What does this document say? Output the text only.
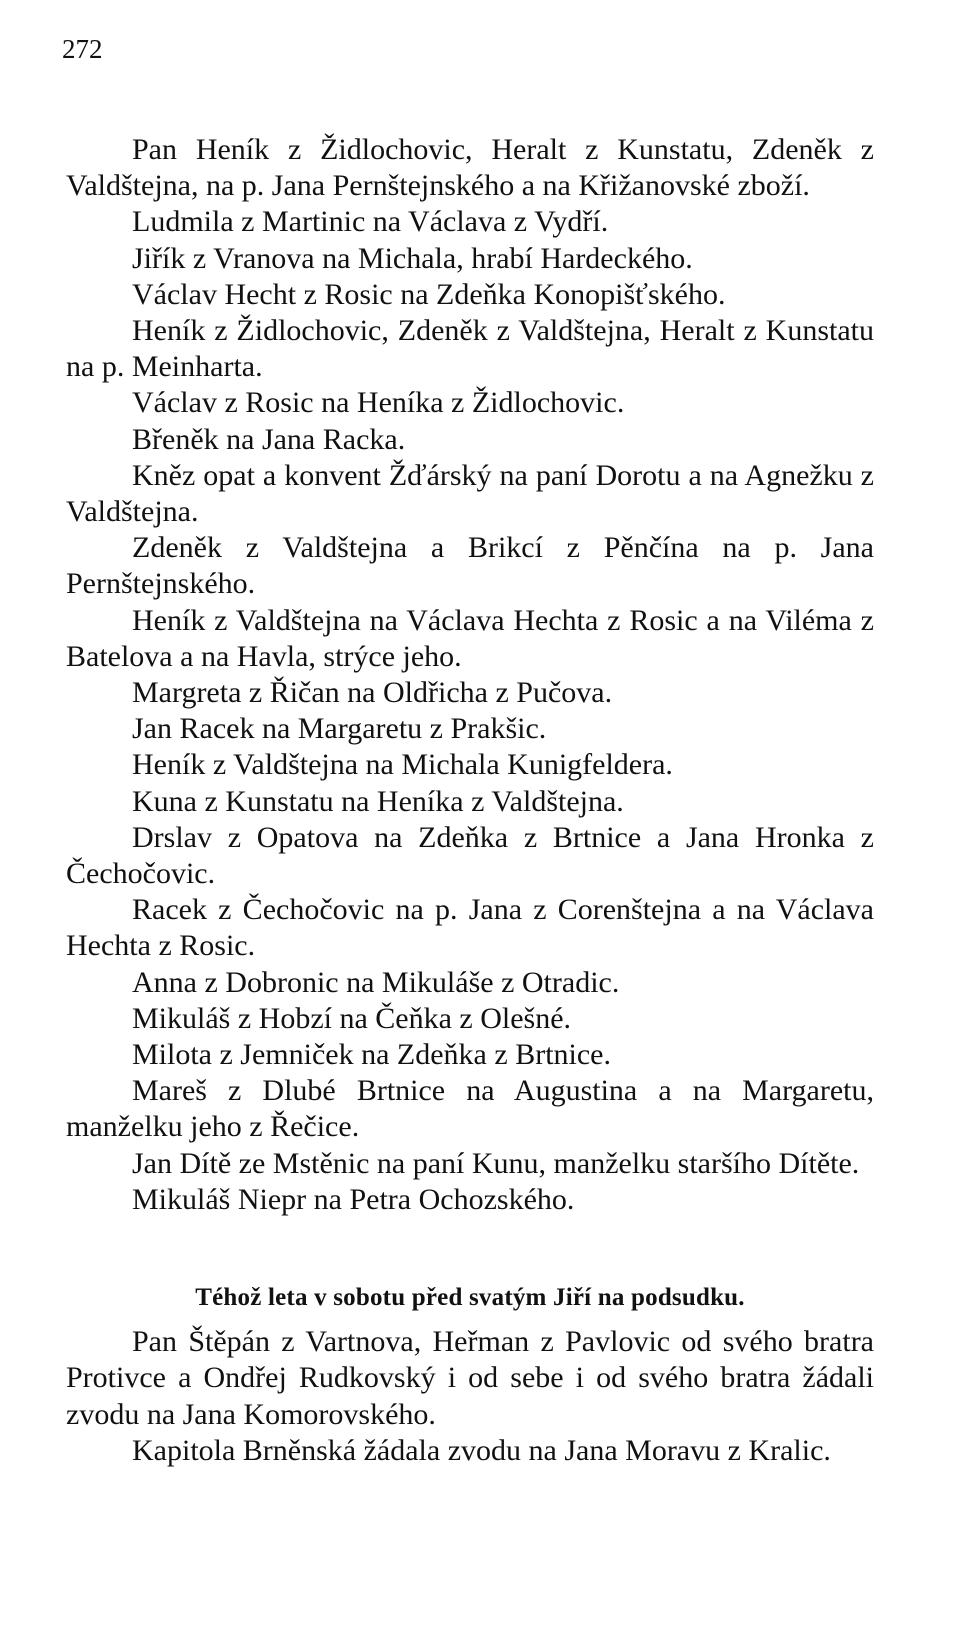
272

Pan Heník z Židlochovic, Heralt z Kunstatu, Zdeněk z Valdštejna, na p. Jana Pernštejnského a na Křižanovské zboží.

Ludmila z Martinic na Václava z Vydří.

Jiřík z Vranova na Michala, hrabí Hardeckého.

Václav Hecht z Rosic na Zdeňka Konopišťského.

Heník z Židlochovic, Zdeněk z Valdštejna, Heralt z Kunstatu na p. Meinharta.

Václav z Rosic na Heníka z Židlochovic.

Břeněk na Jana Racka.

Kněz opat a konvent Žďárský na paní Dorotu a na Agnežku z Valdštejna.

Zdeněk z Valdštejna a Brikcí z Pěnčína na p. Jana Pernštejnského.

Heník z Valdštejna na Václava Hechta z Rosic a na Viléma z Batelova a na Havla, strýce jeho.

Margreta z Řičan na Oldřicha z Pučova.

Jan Racek na Margaretu z Prakšic.

Heník z Valdštejna na Michala Kunigfeldera.

Kuna z Kunstatu na Heníka z Valdštejna.

Drslav z Opatova na Zdeňka z Brtnice a Jana Hronka z Čechočovic.

Racek z Čechočovic na p. Jana z Corenštejna a na Václava Hechta z Rosic.

Anna z Dobronic na Mikuláše z Otradic.

Mikuláš z Hobzí na Čeňka z Olešné.

Milota z Jemniček na Zdeňka z Brtnice.

Mareš z Dlubé Brtnice na Augustina a na Margaretu, manželku jeho z Řečice.

Jan Dítě ze Mstěnic na paní Kunu, manželku staršího Dítěte.

Mikuláš Niepr na Petra Ochozského.

Téhož leta v sobotu před svatým Jiří na podsudku.

Pan Štěpán z Vartnova, Heřman z Pavlovic od svého bratra Protivce a Ondřej Rudkovský i od sebe i od svého bratra žádali zvodu na Jana Komorovského.

Kapitola Brněnská žádala zvodu na Jana Moravu z Kralic.
